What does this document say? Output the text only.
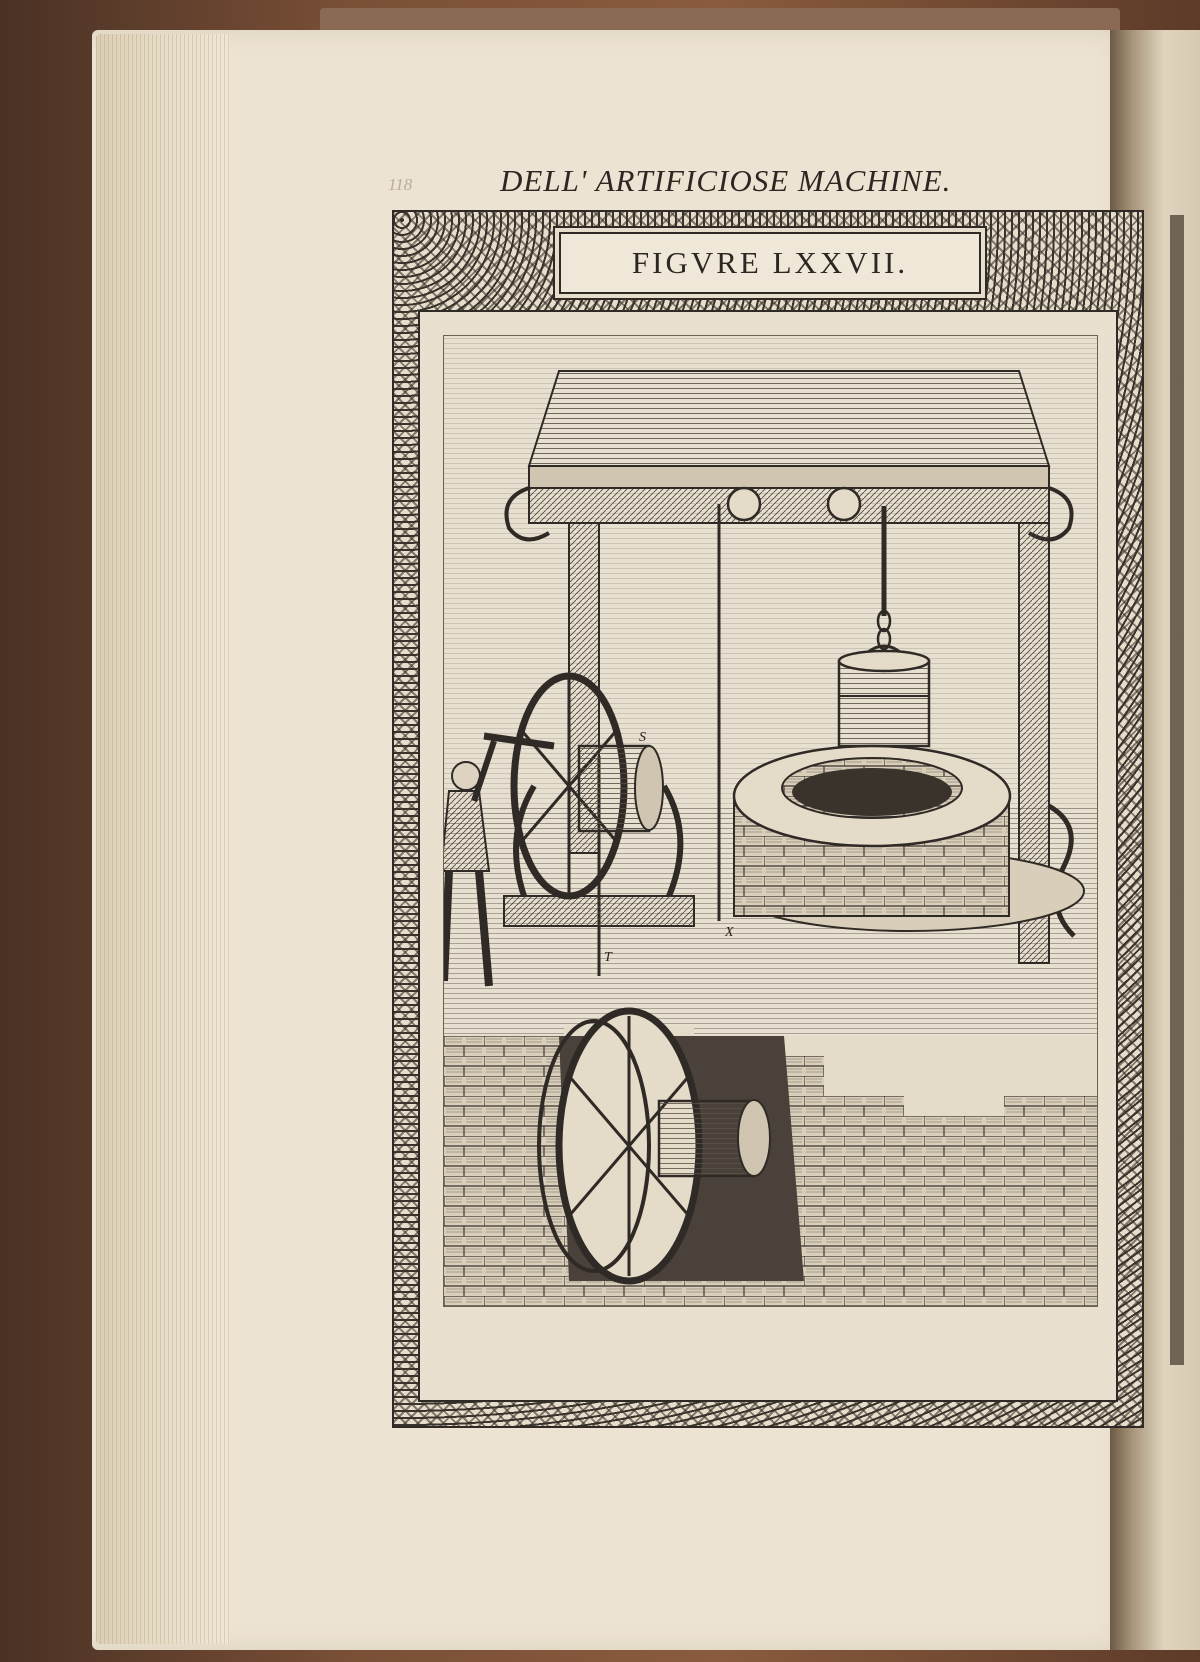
118	DELL' ARTIFICIOSE MACHINE.
FIGVRE LXXVII.
S
T
X
